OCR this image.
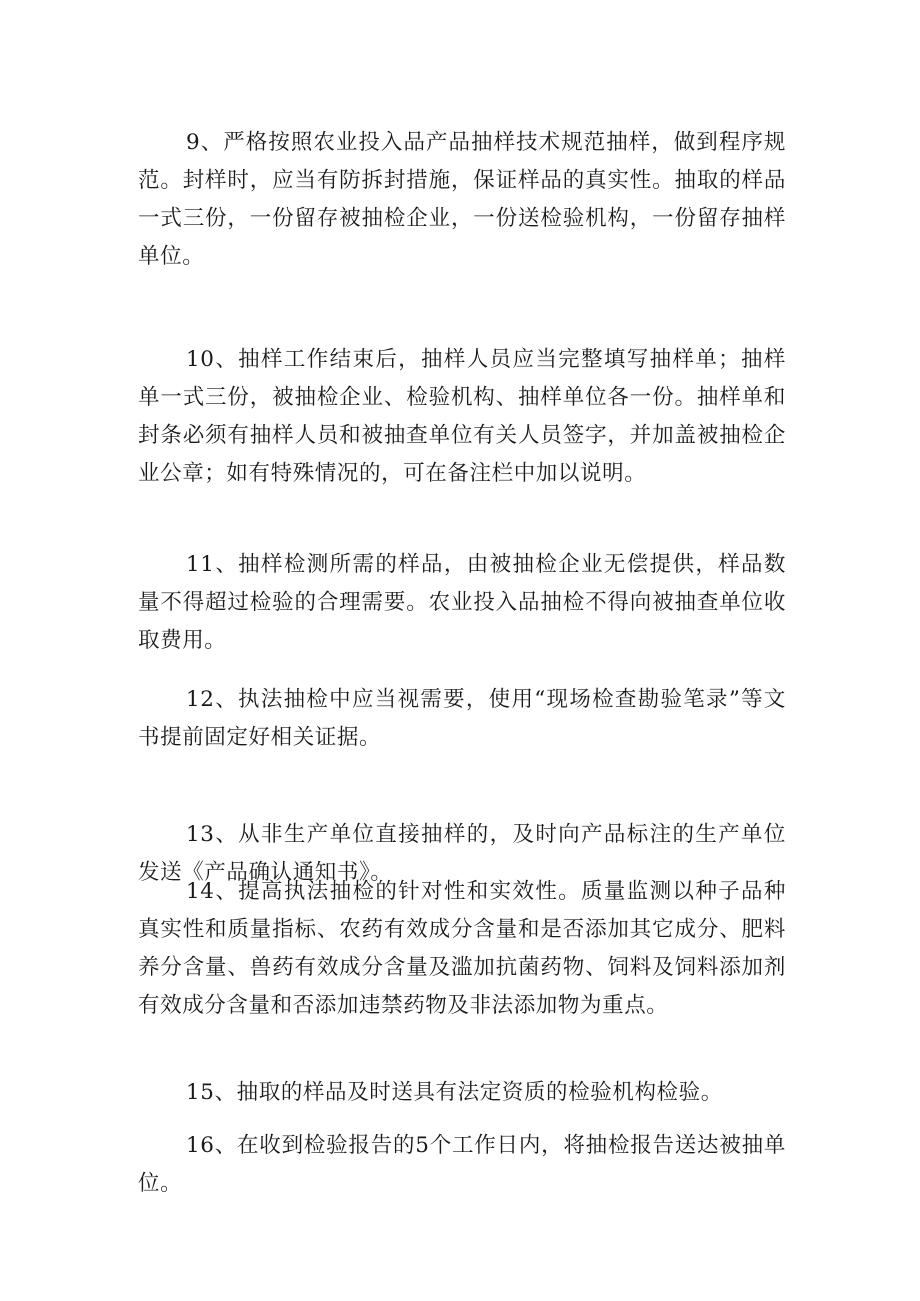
9、严格按照农业投入品产品抽样技术规范抽样，做到程序规范。封样时，应当有防拆封措施，保证样品的真实性。抽取的样品一式三份，一份留存被抽检企业，一份送检验机构，一份留存抽样单位。

10、抽样工作结束后，抽样人员应当完整填写抽样单；抽样单一式三份，被抽检企业、检验机构、抽样单位各一份。抽样单和封条必须有抽样人员和被抽查单位有关人员签字，并加盖被抽检企业公章；如有特殊情况的，可在备注栏中加以说明。

11、抽样检测所需的样品，由被抽检企业无偿提供，样品数量不得超过检验的合理需要。农业投入品抽检不得向被抽查单位收取费用。

12、执法抽检中应当视需要，使用“现场检查勘验笔录”等文书提前固定好相关证据。

13、从非生产单位直接抽样的，及时向产品标注的生产单位发送《产品确认通知书》。

14、提高执法抽检的针对性和实效性。质量监测以种子品种真实性和质量指标、农药有效成分含量和是否添加其它成分、肥料养分含量、兽药有效成分含量及滥加抗菌药物、饲料及饲料添加剂有效成分含量和否添加违禁药物及非法添加物为重点。

15、抽取的样品及时送具有法定资质的检验机构检验。

16、在收到检验报告的5个工作日内，将抽检报告送达被抽单位。
